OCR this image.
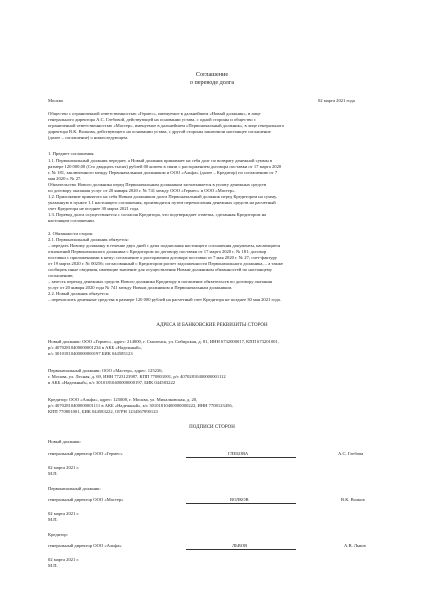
Соглашение
о переводе долга
Москва	02 марта 2021 года
Общество с ограниченной ответственностью «Гермес», именуемое в дальнейшем «Новый должник», в лице
генерального директора А.С. Глебовой, действующей на основании устава, с одной стороны и общество с
ограниченной ответственностью «Мастер», именуемое в дальнейшем «Первоначальный должник», в лице генерального
директора В.К. Волкова, действующего на основании устава, с другой стороны заключили настоящее соглашение
(далее – соглашение) о нижеследующем.
1. Предмет соглашения
1.1. Первоначальный должник передает, а Новый должник принимает на себя долг по возврату денежной суммы в
размере 120 000,00 (Сто двадцать тысяч) рублей 00 копеек в связи с расторжением договора поставки от 17 марта 2020
г. № 181, заключенного между Первоначальным должником и ООО «Альфа» (далее – Кредитор) по соглашению от 7
мая 2020 г. № 27.
Обязательство Нового должника перед Первоначальным должником засчитывается в уплату денежных средств
по договору оказания услуг от 20 января 2020 г. № 741 между ООО «Гермес» и ООО «Мастер».
1.2. Приложение принятого на себя Новым должником долга Первоначальный должник перед Кредитором на сумму,
указанную в пункте 1.1 настоящего соглашения, производится путем перечисления денежных средств на расчетный
счет Кредитора не позднее 30 марта 2021 года.
1.3. Перевод долга осуществляется с согласия Кредитора, что подтверждает отметка, сделанная Кредитором на
настоящем соглашении.
2. Обязанности сторон
2.1. Первоначальный должник обязуется:
– передать Новому должнику в течение двух дней с даты подписания настоящего соглашения документы, касающиеся
отношений Первоначального должника с Кредитором по договору поставки от 17 марта 2020 г. № 181: договор
поставки с приложениями к нему; соглашение о расторжении договора поставки от 7 мая 2020 г. № 27; счет-фактуру
от 19 марта 2020 г. № 00256; согласованный с Кредитором расчет задолженности Первоначального должника, – а также
сообщить иные сведения, имеющие значение для осуществления Новым должником обязанностей по настоящему
соглашению;
– зачесть переход денежных средств Нового должника Кредитору в погашение обязательств по договору оказания
услуг от 20 января 2020 года № 741 между Новым должником и Первоначальным должником.
2.2. Новый должник обязуется:
– перечислить денежные средства в размере 120 000 рублей на расчетный счет Кредитора не позднее 30 мая 2021 года.
АДРЕСА И БАНКОВСКИЕ РЕКВИЗИТЫ СТОРОН
Новый должник: ООО «Гермес», адрес: 214000, г. Смоленск, ул. Сибирская, д. 81, ИНН 6732000017, КПП 673201001,
р/с 40702810400000001234 в АКБ «Надежный»,
к/с 30101810400000000197 БИК 044585123
Первоначальный должник: ООО «Мастер», адрес: 125236,
г. Москва, ул. Лесная, д. 69, ИНН 7723123987, КПП 770801001, р/с 40702810400000001112
в АКБ «Надежный», к/с 30101810400000000197, БИК 044583222
Кредитор: ООО «Альфа», адрес: 125008, г. Москва, ул. Михалковская, д. 20,
р/с 40702810400000001111 в АКБ «Надежный», к/с 30101810400000000222, ИНН 7708123456,
КПП 770801001, БИК 044583222, ОГРН 1234567890123
ПОДПИСИ СТОРОН
Новый должник:
генеральный директор ООО «Гермес»	ГЛЕБОВА	А.С. Глебова
02 марта 2021 г.
М.П.
Первоначальный должник:
генеральный директор ООО «Мастер»	ВОЛКОВ	В.К. Волков
02 марта 2021 г.
М.П.
Кредитор:
генеральный директор ООО «Альфа»	ЛЬВОВ	А.В. Львов
02 марта 2021 г.
М.П.
